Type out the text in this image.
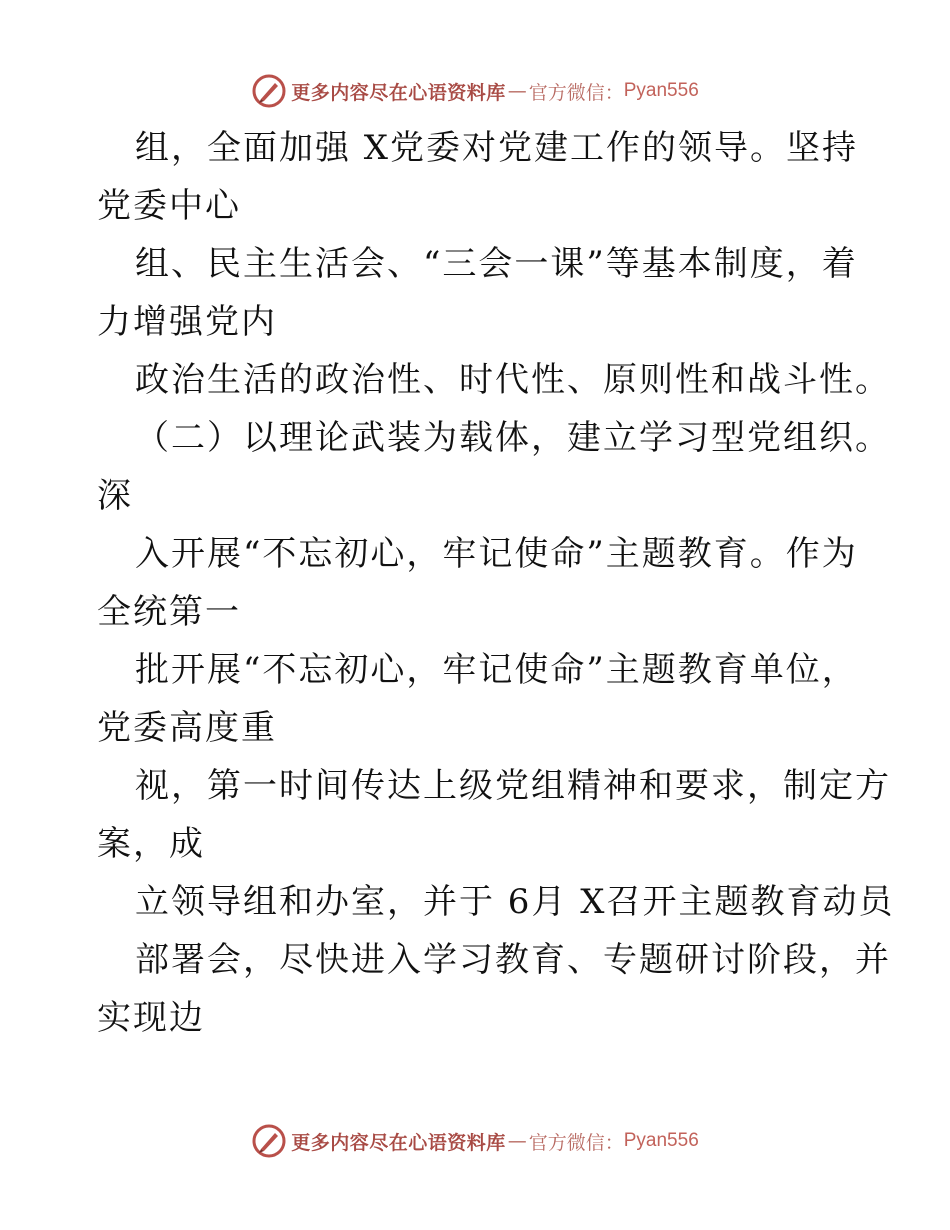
更多内容尽在心语资料库 — 官方微信： Pyan556
组，全面加强 X党委对党建工作的领导。坚持
党委中心
组、民主生活会、“三会一课”等基本制度，着
力增强党内
政治生活的政治性、时代性、原则性和战斗性。
（二）以理论武装为载体，建立学习型党组织。
深
入开展“不忘初心，牢记使命”主题教育。作为
全统第一
批开展“不忘初心，牢记使命”主题教育单位，
党委高度重
视，第一时间传达上级党组精神和要求，制定方
案，成
立领导组和办室，并于 6月 X召开主题教育动员
部署会，尽快进入学习教育、专题研讨阶段，并
实现边
更多内容尽在心语资料库 — 官方微信： Pyan556
